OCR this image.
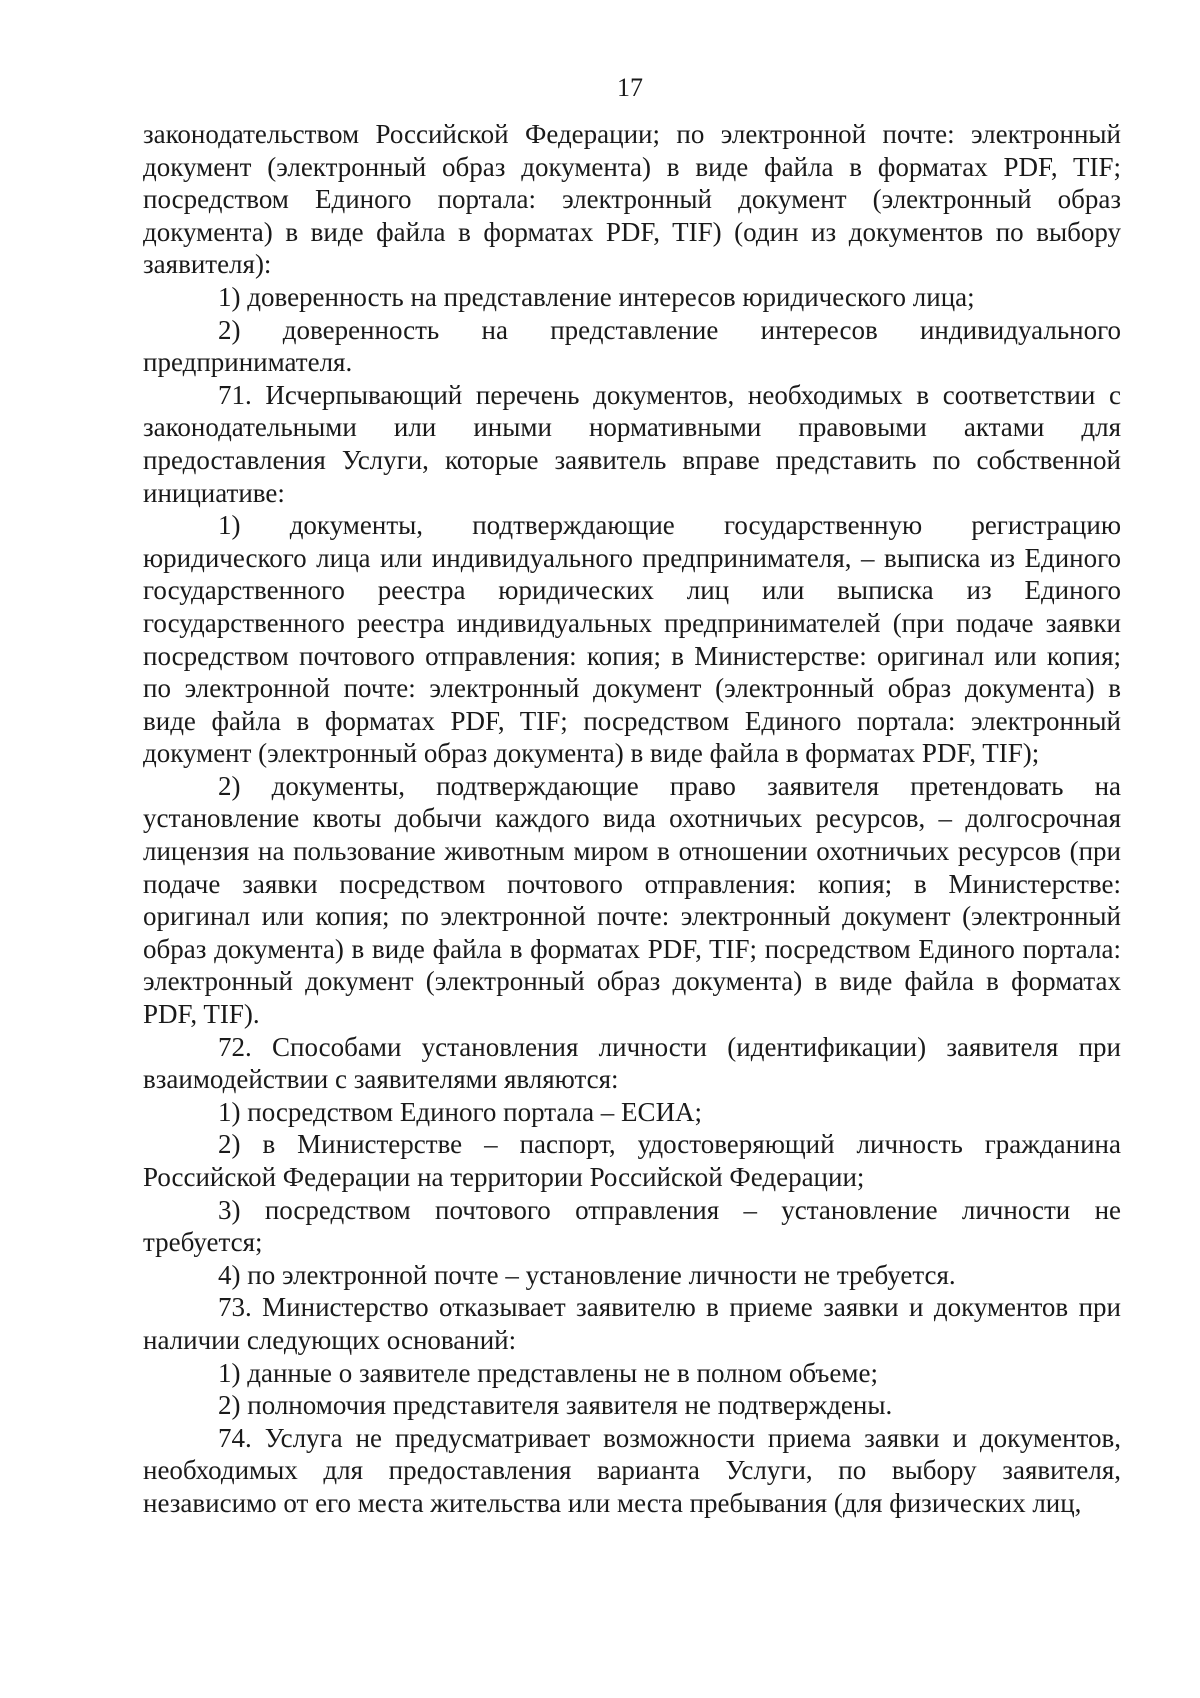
17

законодательством Российской Федерации; по электронной почте: электронный документ (электронный образ документа) в виде файла в форматах PDF, TIF; посредством Единого портала: электронный документ (электронный образ документа) в виде файла в форматах PDF, TIF) (один из документов по выбору заявителя):

1) доверенность на представление интересов юридического лица;

2) доверенность на представление интересов индивидуального предпринимателя.

71. Исчерпывающий перечень документов, необходимых в соответствии с законодательными или иными нормативными правовыми актами для предоставления Услуги, которые заявитель вправе представить по собственной инициативе:

1) документы, подтверждающие государственную регистрацию юридического лица или индивидуального предпринимателя, – выписка из Единого государственного реестра юридических лиц или выписка из Единого государственного реестра индивидуальных предпринимателей (при подаче заявки посредством почтового отправления: копия; в Министерстве: оригинал или копия; по электронной почте: электронный документ (электронный образ документа) в виде файла в форматах PDF, TIF; посредством Единого портала: электронный документ (электронный образ документа) в виде файла в форматах PDF, TIF);

2) документы, подтверждающие право заявителя претендовать на установление квоты добычи каждого вида охотничьих ресурсов, – долгосрочная лицензия на пользование животным миром в отношении охотничьих ресурсов (при подаче заявки посредством почтового отправления: копия; в Министерстве: оригинал или копия; по электронной почте: электронный документ (электронный образ документа) в виде файла в форматах PDF, TIF; посредством Единого портала: электронный документ (электронный образ документа) в виде файла в форматах PDF, TIF).

72. Способами установления личности (идентификации) заявителя при взаимодействии с заявителями являются:

1) посредством Единого портала – ЕСИА;

2) в Министерстве – паспорт, удостоверяющий личность гражданина Российской Федерации на территории Российской Федерации;

3) посредством почтового отправления – установление личности не требуется;

4) по электронной почте – установление личности не требуется.

73. Министерство отказывает заявителю в приеме заявки и документов при наличии следующих оснований:

1) данные о заявителе представлены не в полном объеме;

2) полномочия представителя заявителя не подтверждены.

74. Услуга не предусматривает возможности приема заявки и документов, необходимых для предоставления варианта Услуги, по выбору заявителя, независимо от его места жительства или места пребывания (для физических лиц,
